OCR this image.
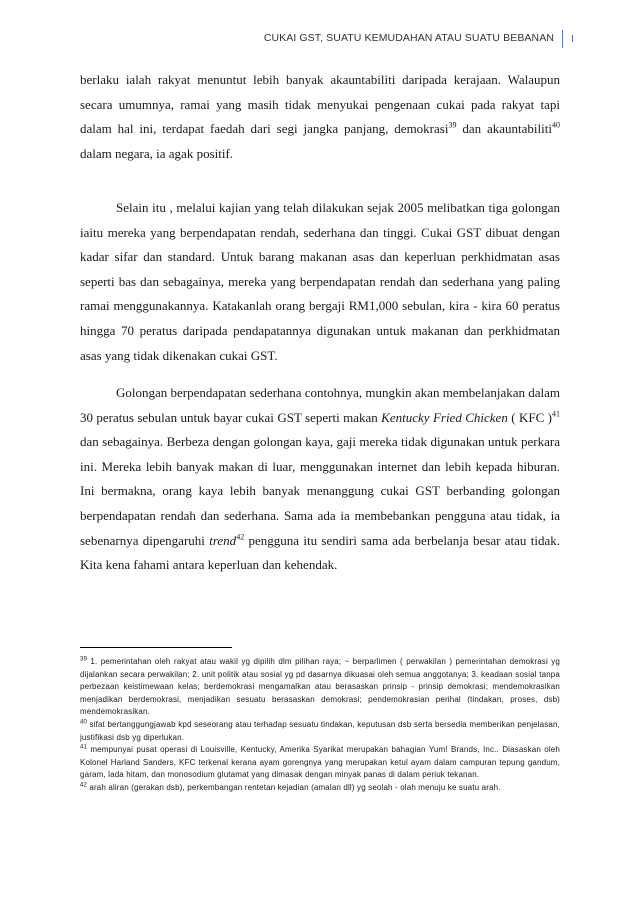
CUKAI GST, SUATU KEMUDAHAN ATAU SUATU BEBANAN	I

berlaku ialah rakyat menuntut lebih banyak akauntabiliti daripada kerajaan. Walaupun secara umumnya, ramai yang masih tidak menyukai pengenaan cukai pada rakyat tapi dalam hal ini, terdapat faedah dari segi jangka panjang, demokrasi$^{39}$ dan akauntabiliti$^{40}$ dalam negara, ia agak positif.

Selain itu , melalui kajian yang telah dilakukan sejak 2005 melibatkan tiga golongan iaitu mereka yang berpendapatan rendah, sederhana dan tinggi. Cukai GST dibuat dengan kadar sifar dan standard. Untuk barang makanan asas dan keperluan perkhidmatan asas seperti bas dan sebagainya, mereka yang berpendapatan rendah dan sederhana yang paling ramai menggunakannya. Katakanlah orang bergaji RM1,000 sebulan, kira - kira 60 peratus hingga 70 peratus daripada pendapatannya digunakan untuk makanan dan perkhidmatan asas yang tidak dikenakan cukai GST.

Golongan berpendapatan sederhana contohnya, mungkin akan membelanjakan dalam 30 peratus sebulan untuk bayar cukai GST seperti makan Kentucky Fried Chicken ( KFC )$^{41}$ dan sebagainya. Berbeza dengan golongan kaya, gaji mereka tidak digunakan untuk perkara ini. Mereka lebih banyak makan di luar, menggunakan internet dan lebih kepada hiburan. Ini bermakna, orang kaya lebih banyak menanggung cukai GST berbanding golongan berpendapatan rendah dan sederhana. Sama ada ia membebankan pengguna atau tidak, ia sebenarnya dipengaruhi trend$^{42}$ pengguna itu sendiri sama ada berbelanja besar atau tidak. Kita kena fahami antara keperluan dan kehendak.

$^{39}$ 1. pemerintahan oleh rakyat atau wakil yg dipilih dlm pilihan raya; ~ berparlimen ( perwakilan ) pemerintahan demokrasi yg dijalankan secara perwakilan; 2. unit politik atau sosial yg pd dasarnya dikuasai oleh semua anggotanya; 3. keadaan sosial tanpa perbezaan keistimewaan kelas; berdemokrasi mengamalkan atau berasaskan prinsip - prinsip demokrasi; mendemokrasikan menjadikan berdemokrasi, menjadikan sesuatu berasaskan demokrasi; pendemokrasian perihal (tindakan, proses, dsb) mendemokrasikan.

$^{40}$ sifat bertanggungjawab kpd seseorang atau terhadap sesuatu tindakan, keputusan dsb serta bersedia memberikan penjelasan, justifikasi dsb yg diperlukan.

$^{41}$ mempunyai pusat operasi di Louisville, Kentucky, Amerika Syarikat merupakan bahagian Yum! Brands, Inc.. Diasaskan oleh Kolonel Harland Sanders, KFC terkenal kerana ayam gorengnya yang merupakan ketul ayam dalam campuran tepung gandum, garam, lada hitam, dan monosodium glutamat yang dimasak dengan minyak panas di dalam periuk tekanan.

$^{42}$ arah aliran (gerakan dsb), perkembangan rentetan kejadian (amalan dll) yg seolah - olah menuju ke suatu arah.
